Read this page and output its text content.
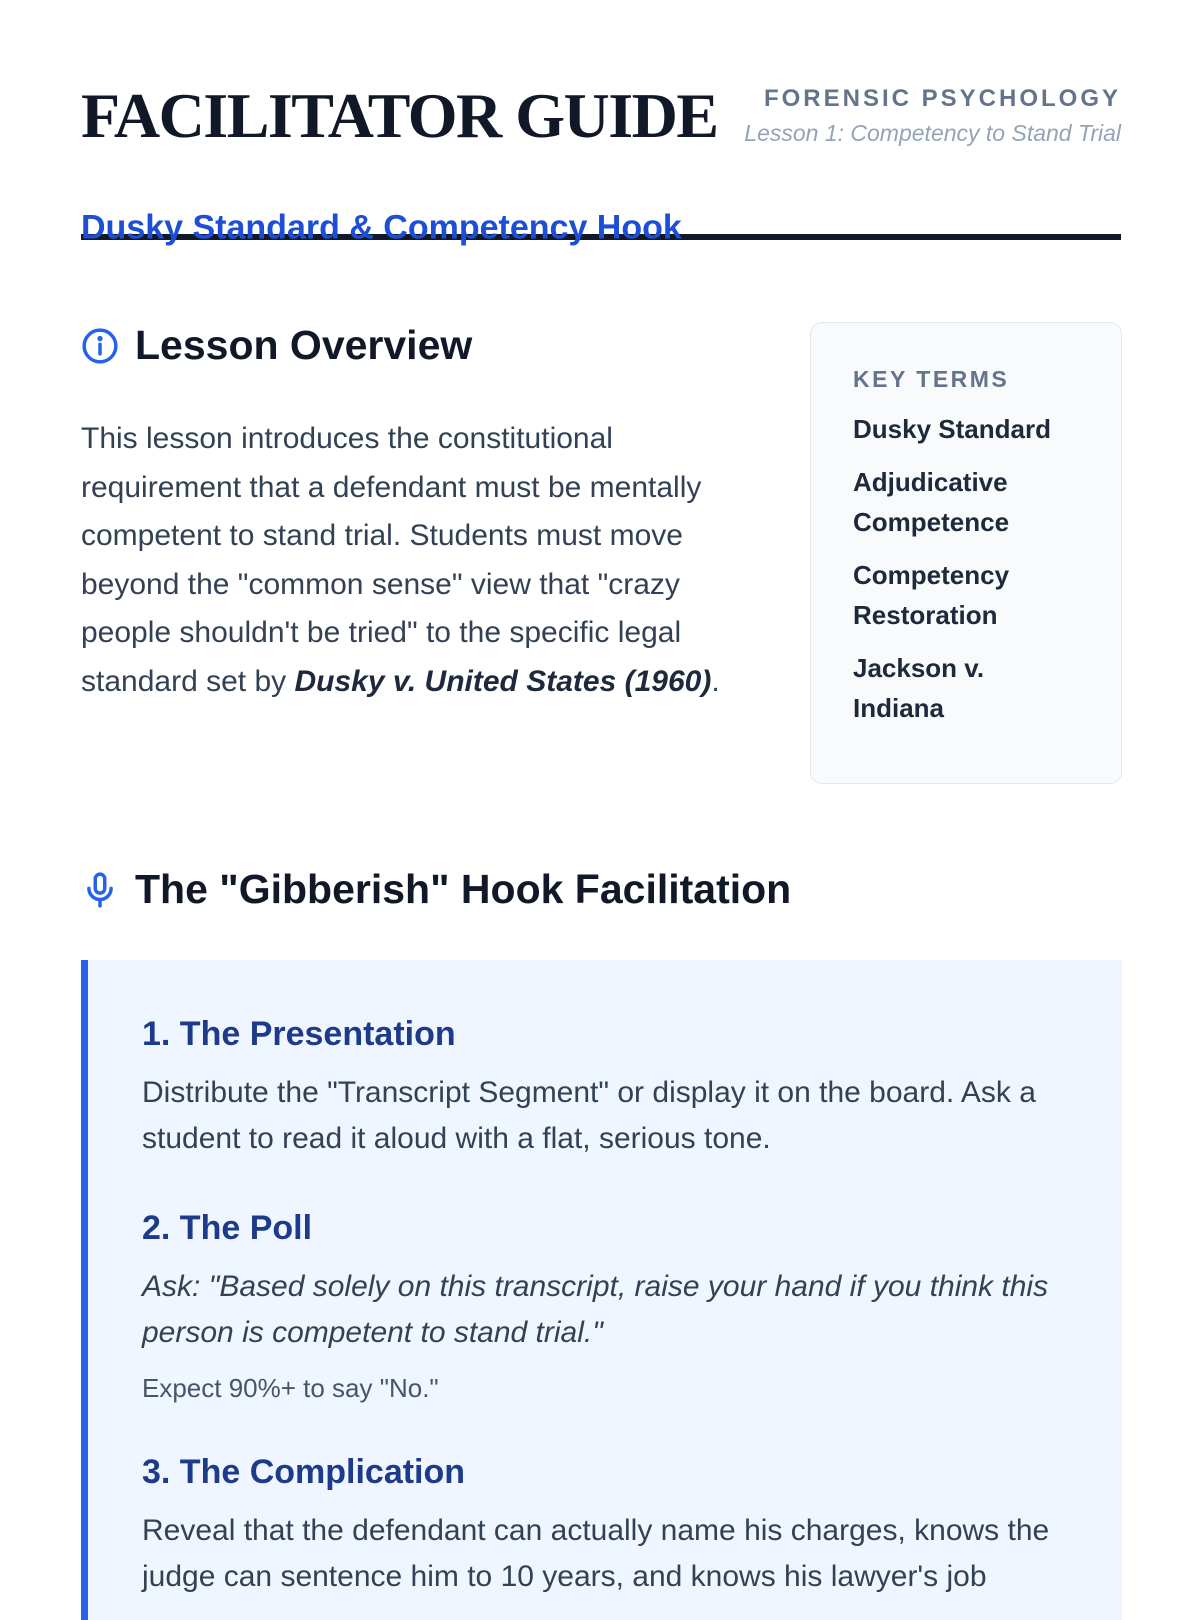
FACILITATOR GUIDE
Dusky Standard & Competency Hook
FORENSIC PSYCHOLOGY
Lesson 1: Competency to Stand Trial
Lesson Overview

This lesson introduces the constitutional requirement that a defendant must be mentally competent to stand trial. Students must move beyond the "common sense" view that "crazy people shouldn't be tried" to the specific legal standard set by Dusky v. United States (1960).

KEY TERMS
Dusky Standard
Adjudicative Competence
Competency Restoration
Jackson v. Indiana
The "Gibberish" Hook Facilitation
1. The Presentation

Distribute the "Transcript Segment" or display it on the board. Ask a student to read it aloud with a flat, serious tone.

2. The Poll

Ask: "Based solely on this transcript, raise your hand if you think this person is competent to stand trial."

Expect 90%+ to say "No."

3. The Complication

Reveal that the defendant can actually name his charges, knows the judge can sentence him to 10 years, and knows his lawyer's job
